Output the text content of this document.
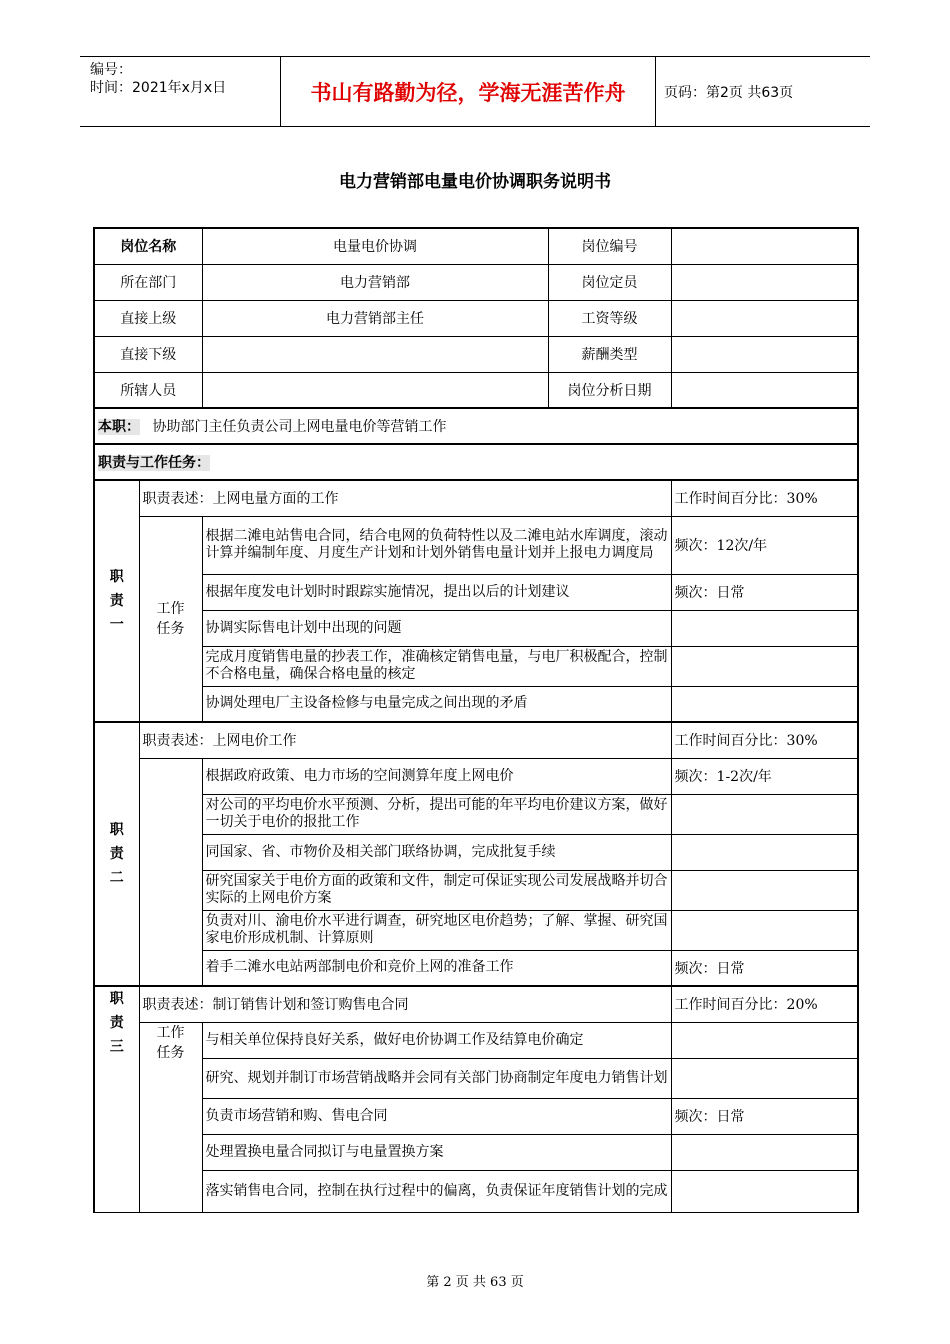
编号：
时间：2021年x月x日	书山有路勤为径，学海无涯苦作舟	页码：第2页 共63页
电力营销部电量电价协调职务说明书
岗位名称		电量电价协调	岗位编号	
所在部门		电力营销部	岗位定员	
直接上级		电力营销部主任	工资等级	
直接下级			薪酬类型	
所辖人员			岗位分析日期	
本职： 协助部门主任负责公司上网电量电价等营销工作				
职责与工作任务：				
职
责
一	职责表述：上网电量方面的工作			工作时间百分比：30%
	工作
任务	根据二滩电站售电合同，结合电网的负荷特性以及二滩电站水库调度，滚动计算并编制年度、月度生产计划和计划外销售电量计划并上报电力调度局		频次：12次/年
		根据年度发电计划时时跟踪实施情况，提出以后的计划建议		频次：日常
		协调实际售电计划中出现的问题		
		完成月度销售电量的抄表工作，准确核定销售电量，与电厂积极配合，控制不合格电量，确保合格电量的核定		
		协调处理电厂主设备检修与电量完成之间出现的矛盾		
职
责
二	职责表述：上网电价工作			工作时间百分比：30%
		根据政府政策、电力市场的空间测算年度上网电价		频次：1-2次/年
		对公司的平均电价水平预测、分析，提出可能的年平均电价建议方案，做好一切关于电价的报批工作		
		同国家、省、市物价及相关部门联络协调，完成批复手续		
		研究国家关于电价方面的政策和文件，制定可保证实现公司发展战略并切合实际的上网电价方案		
		负责对川、渝电价水平进行调查，研究地区电价趋势；了解、掌握、研究国家电价形成机制、计算原则		
		着手二滩水电站两部制电价和竞价上网的准备工作		频次：日常
职
责
三	职责表述：制订销售计划和签订购售电合同			工作时间百分比：20%
	工作
任务	与相关单位保持良好关系，做好电价协调工作及结算电价确定		
		研究、规划并制订市场营销战略并会同有关部门协商制定年度电力销售计划		
		负责市场营销和购、售电合同		频次：日常
		处理置换电量合同拟订与电量置换方案		
		落实销售电合同，控制在执行过程中的偏离，负责保证年度销售计划的完成		
第 2 页 共 63 页
